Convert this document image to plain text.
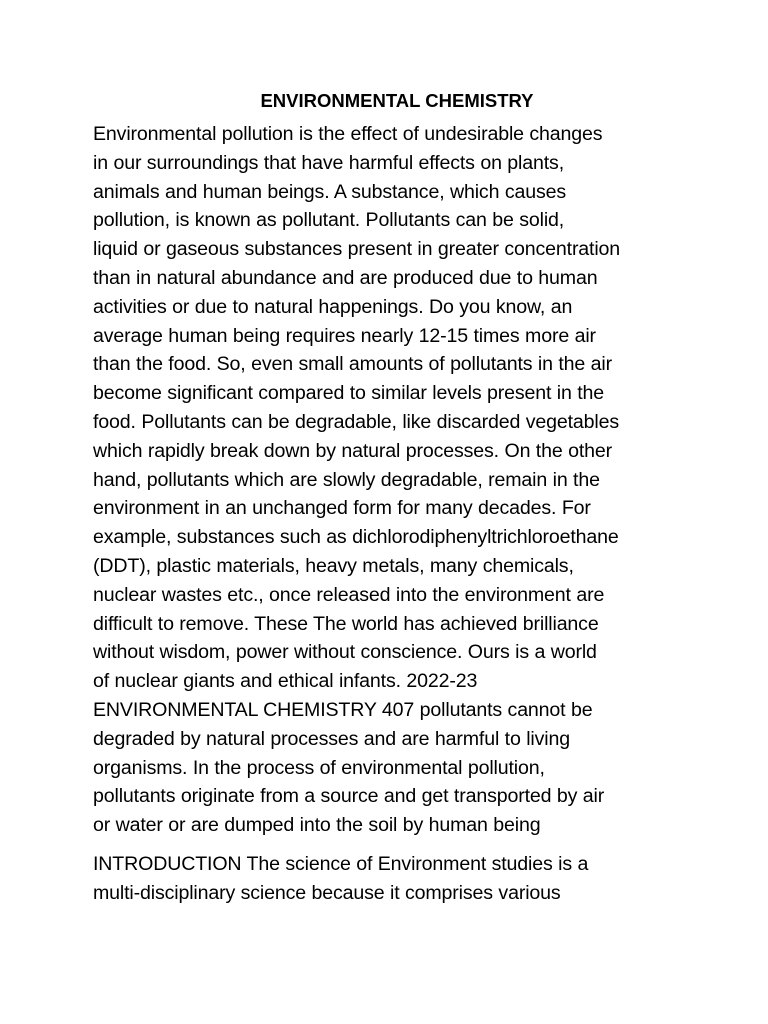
ENVIRONMENTAL CHEMISTRY

Environmental pollution is the effect of undesirable changes
in our surroundings that have harmful effects on plants,
animals and human beings. A substance, which causes
pollution, is known as pollutant. Pollutants can be solid,
liquid or gaseous substances present in greater concentration
than in natural abundance and are produced due to human
activities or due to natural happenings. Do you know, an
average human being requires nearly 12-15 times more air
than the food. So, even small amounts of pollutants in the air
become significant compared to similar levels present in the
food. Pollutants can be degradable, like discarded vegetables
which rapidly break down by natural processes. On the other
hand, pollutants which are slowly degradable, remain in the
environment in an unchanged form for many decades. For
example, substances such as dichlorodiphenyltrichloroethane
(DDT), plastic materials, heavy metals, many chemicals,
nuclear wastes etc., once released into the environment are
difficult to remove. These The world has achieved brilliance
without wisdom, power without conscience. Ours is a world
of nuclear giants and ethical infants. 2022-23
ENVIRONMENTAL CHEMISTRY 407 pollutants cannot be
degraded by natural processes and are harmful to living
organisms. In the process of environmental pollution,
pollutants originate from a source and get transported by air
or water or are dumped into the soil by human being

INTRODUCTION The science of Environment studies is a
multi-disciplinary science because it comprises various
